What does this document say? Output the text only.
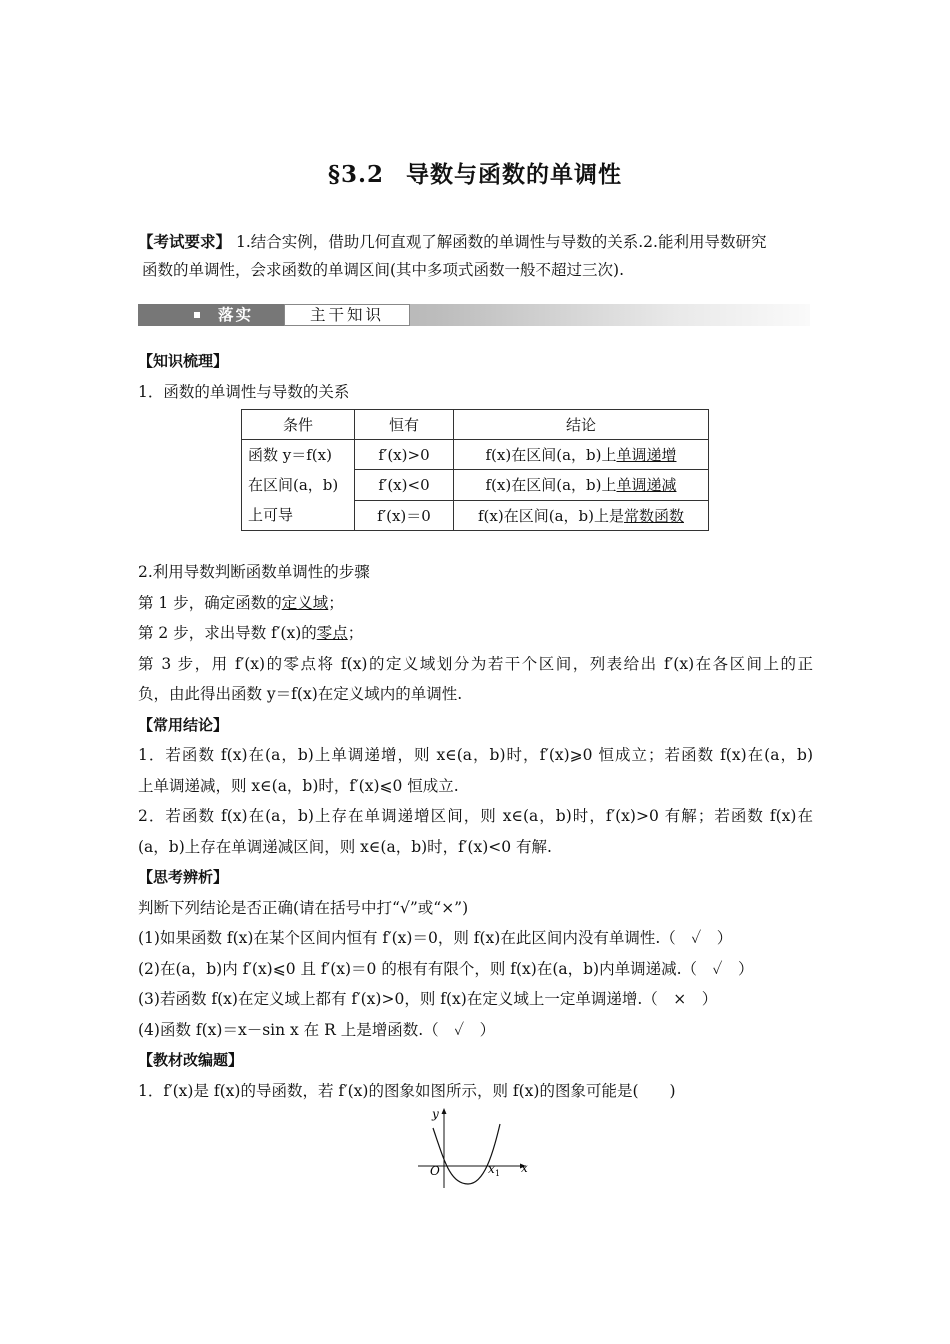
§3.2 导数与函数的单调性
【考试要求】 1.结合实例，借助几何直观了解函数的单调性与导数的关系.2.能利用导数研究
函数的单调性，会求函数的单调区间(其中多项式函数一般不超过三次).
落实	主干知识
【知识梳理】
1．函数的单调性与导数的关系
条件	恒有	结论

函数 y＝f(x)
在区间(a，b)
上可导	f′(x)>0	f(x)在区间(a，b)上单调递增
	f′(x)<0	f(x)在区间(a，b)上单调递减
	f′(x)＝0	f(x)在区间(a，b)上是常数函数
2.利用导数判断函数单调性的步骤
第 1 步，确定函数的定义域；
第 2 步，求出导数 f′(x)的零点；
第 3 步，用 f′(x)的零点将 f(x)的定义域划分为若干个区间，列表给出 f′(x)在各区间上的正
负，由此得出函数 y＝f(x)在定义域内的单调性.
【常用结论】
1．若函数 f(x)在(a，b)上单调递增，则 x∈(a，b)时，f′(x)⩾0 恒成立；若函数 f(x)在(a，b)
上单调递减，则 x∈(a，b)时，f′(x)⩽0 恒成立.
2．若函数 f(x)在(a，b)上存在单调递增区间，则 x∈(a，b)时，f′(x)>0 有解；若函数 f(x)在
(a，b)上存在单调递减区间，则 x∈(a，b)时，f′(x)<0 有解.
【思考辨析】
判断下列结论是否正确(请在括号中打“√”或“×”)
(1)如果函数 f(x)在某个区间内恒有 f′(x)＝0，则 f(x)在此区间内没有单调性.（　✓　）
(2)在(a，b)内 f′(x)⩽0 且 f′(x)＝0 的根有有限个，则 f(x)在(a，b)内单调递减.（　✓　）
(3)若函数 f(x)在定义域上都有 f′(x)>0，则 f(x)在定义域上一定单调递增.（　×　）
(4)函数 f(x)＝x－sin x 在 R 上是增函数.（　✓　）
【教材改编题】
1．f′(x)是 f(x)的导函数，若 f′(x)的图象如图所示，则 f(x)的图象可能是(　　)
y
x
O	x 1
